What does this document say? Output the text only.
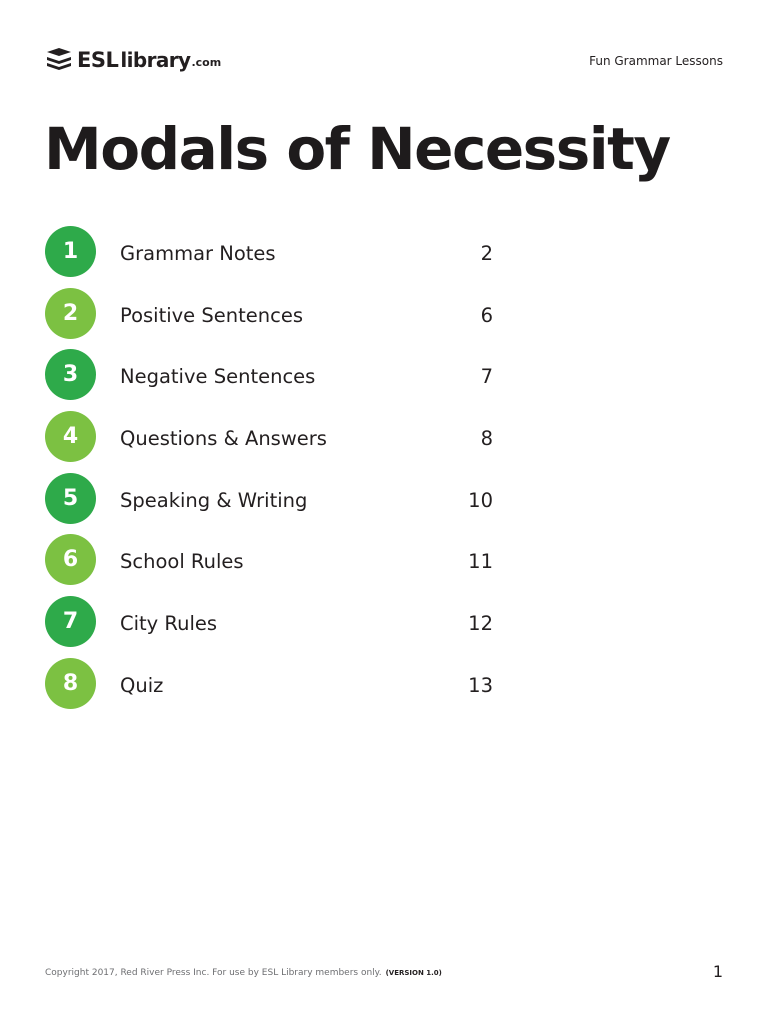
ESL library .com	Fun Grammar Lessons
Modals of Necessity
1	Grammar Notes	2
2	Positive Sentences	6
3	Negative Sentences	7
4	Questions & Answers	8
5	Speaking & Writing	10
6	School Rules	11
7	City Rules	12
8	Quiz	13
Copyright 2017, Red River Press Inc. For use by ESL Library members only. (VERSION 1.0)	1
